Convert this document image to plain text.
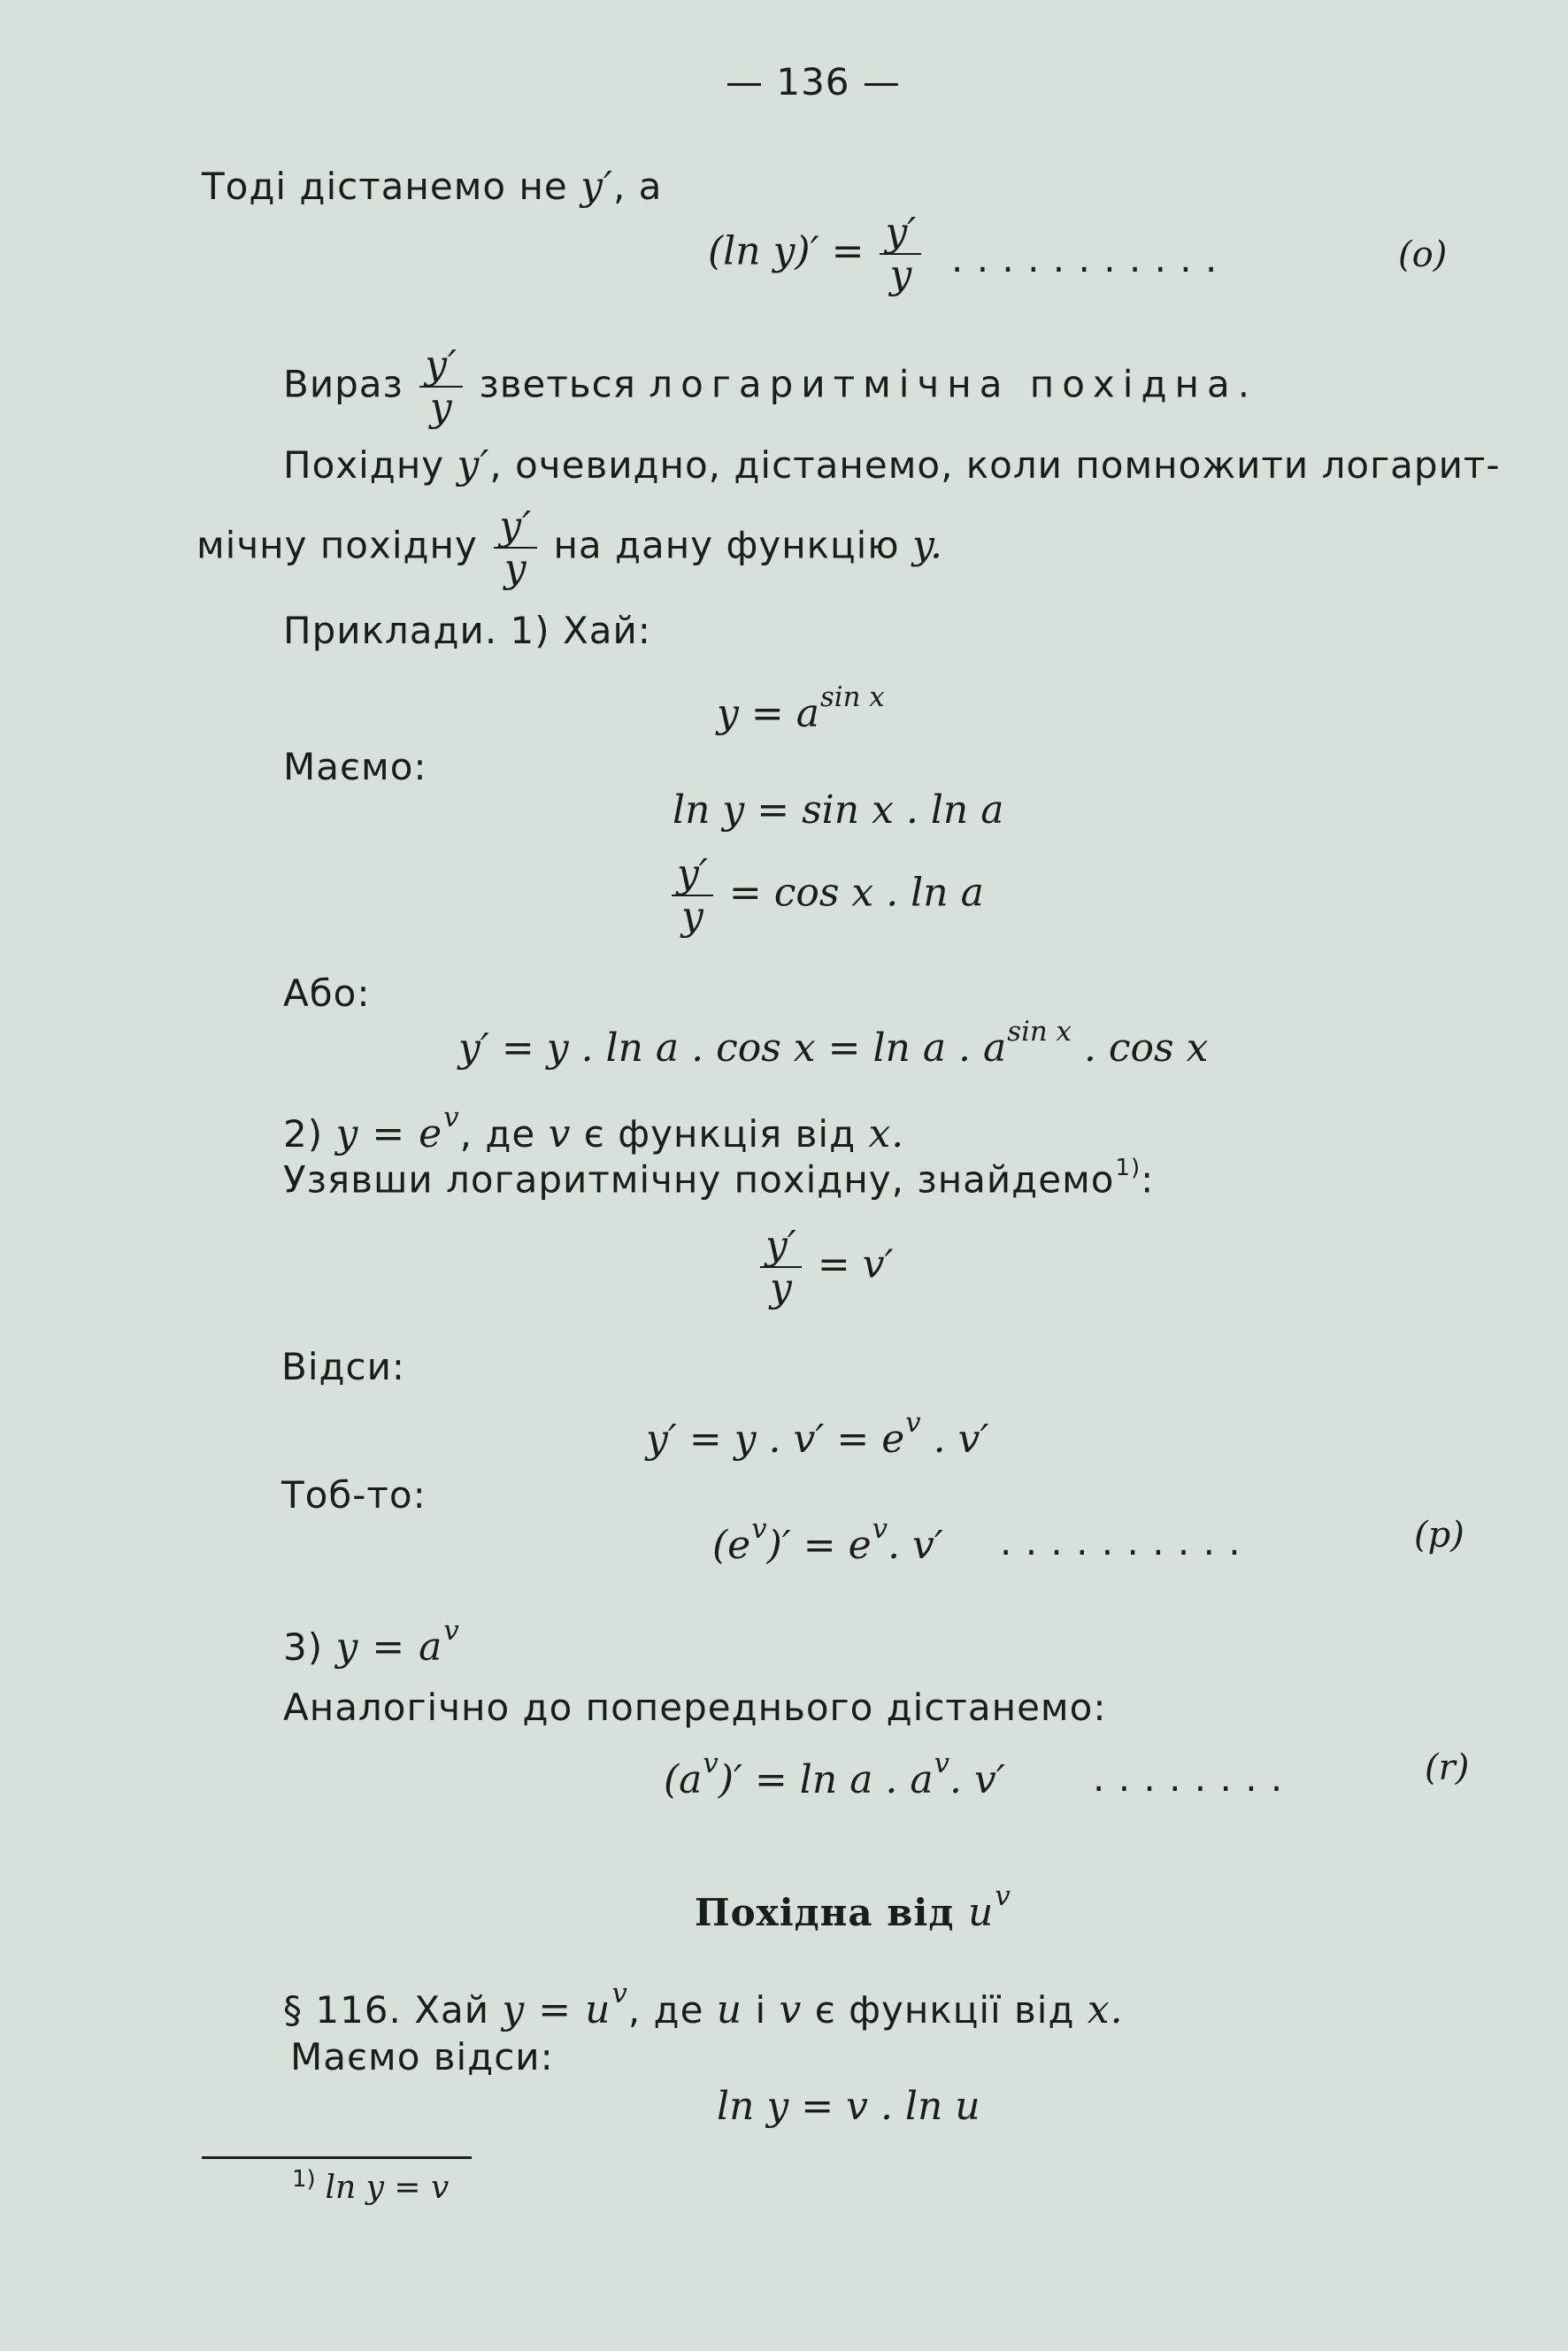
— 136 —
Тоді дістанемо не y′, а
(ln $y)' = \frac{y'}{y}$ . . . . . . . . . . .	(o)
Вираз $\frac{y'}{y}$ зветься логаритмічна похідна.
Похідну y′, очевидно, дістанемо, коли помножити логарит-
мічну похідну $\frac{y'}{y}$ на дану функцію y.
Приклади. 1) Хай:
$y = a^{sin x}$
Маємо:
ln y = sin x . ln a
$\frac{y'}{y} = \cos x$ . ln a
Або:
y′ = y . ln a . cos x = ln a . $a^{sin x}$ . cos x
2) $y = e^v$, де v є функція від x.
Узявши логаритмічну похідну, знайдемо$^{1)}$:
$\frac{y'}{y} = v'$
Відси:
y′ = y . $v' = e^v$ . v′
Тоб-то:
$(e^v)' = e^v$. v′ . . . . . . . . . .	(p)
3) $y = a^v$
Аналогічно до попереднього дістанемо:
$(a^v)' = \ln a$ . $a^v$. v′ . . . . . . . .	(r)
Похідна від $u^v$
§ 116. Хай $y = u^v$, де u і v є функції від x.
Маємо відси:
ln y = v . ln u
$^{1)}$ ln y = v
